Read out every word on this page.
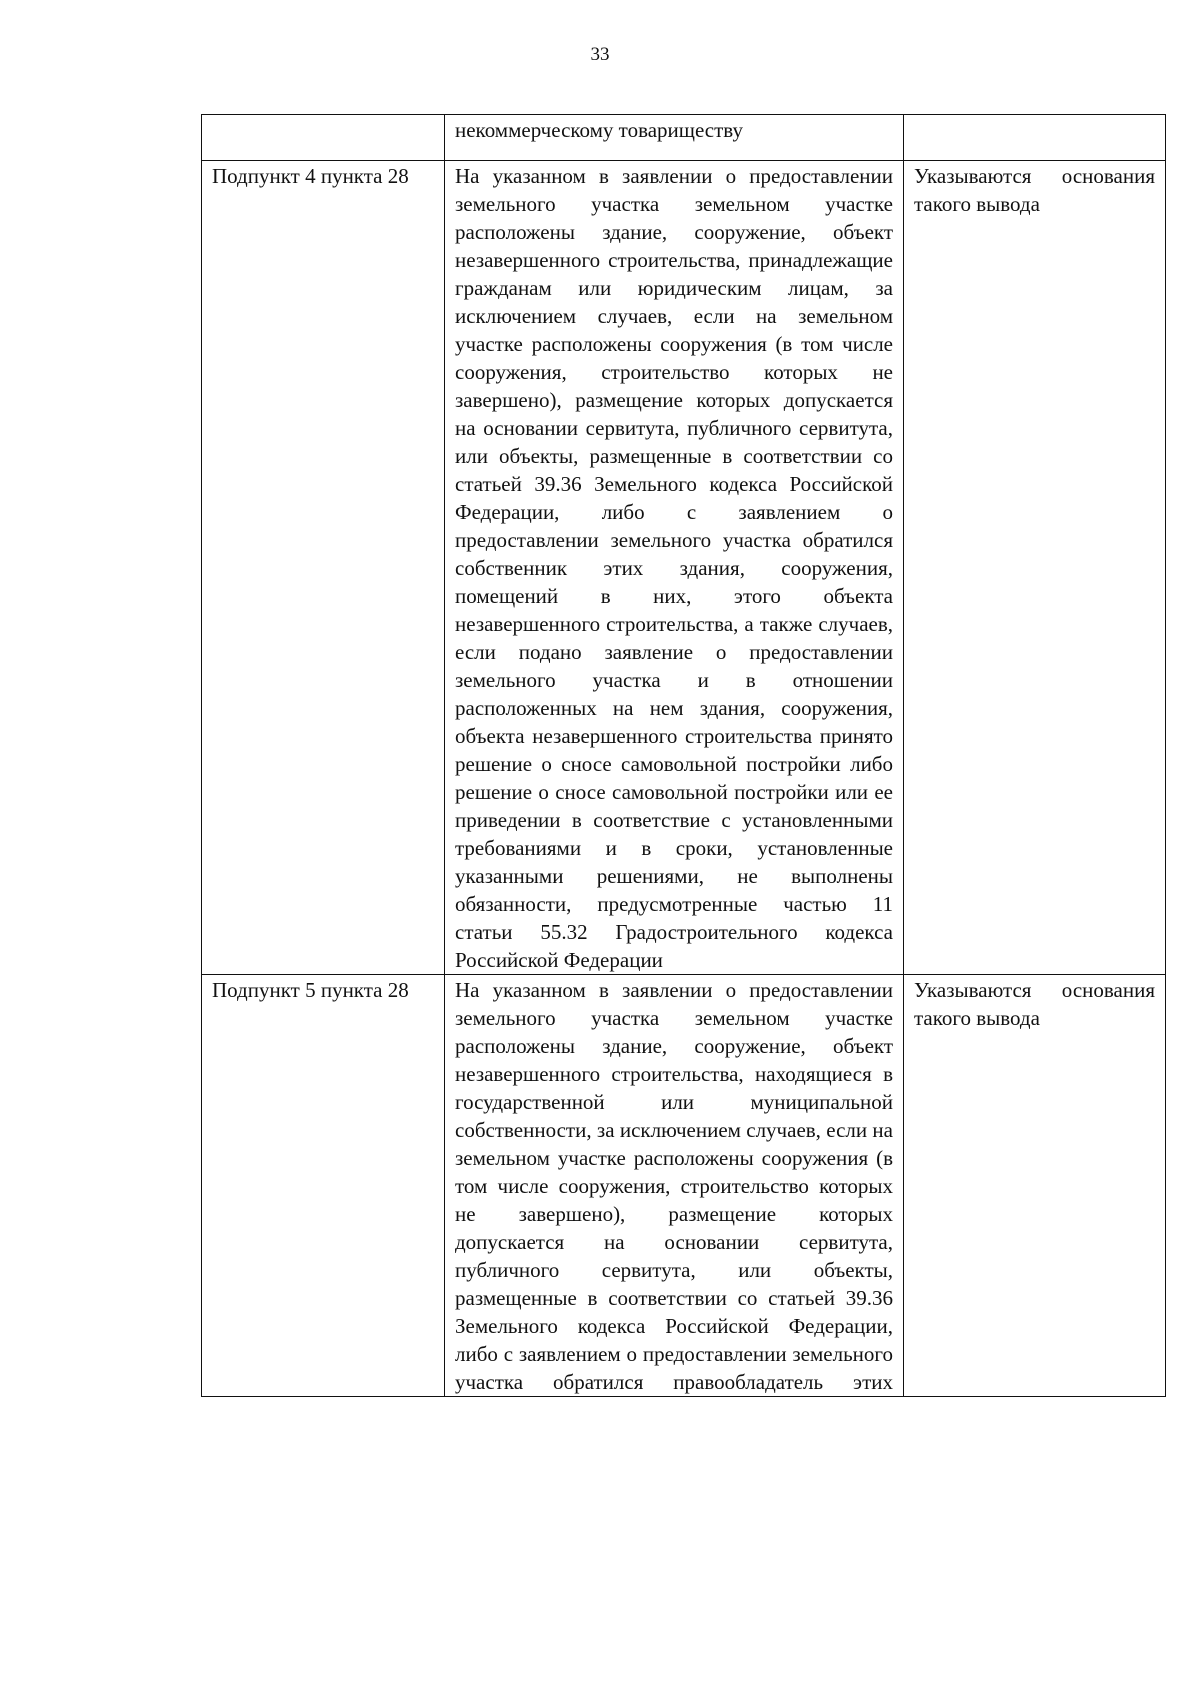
33
	некоммерческому товариществу	
Подпункт 4 пункта 28	На указанном в заявлении о предоставлении земельного участка земельном участке расположены здание, сооружение, объект незавершенного строительства, принадлежащие гражданам или юридическим лицам, за исключением случаев, если на земельном участке расположены сооружения (в том числе сооружения, строительство которых не завершено), размещение которых допускается на основании сервитута, публичного сервитута, или объекты, размещенные в соответствии со статьей 39.36 Земельного кодекса Российской Федерации, либо с заявлением о предоставлении земельного участка обратился собственник этих здания, сооружения, помещений в них, этого объекта незавершенного строительства, а также случаев, если подано заявление о предоставлении земельного участка и в отношении расположенных на нем здания, сооружения, объекта незавершенного строительства принято решение о сносе самовольной постройки либо решение о сносе самовольной постройки или ее приведении в соответствие с установленными требованиями и в сроки, установленные указанными решениями, не выполнены обязанности, предусмотренные частью 11 статьи 55.32 Градостроительного кодекса Российской Федерации	Указываются основания такого вывода
Подпункт 5 пункта 28	На указанном в заявлении о предоставлении земельного участка земельном участке расположены здание, сооружение, объект незавершенного строительства, находящиеся в государственной или муниципальной собственности, за исключением случаев, если на земельном участке расположены сооружения (в том числе сооружения, строительство которых не завершено), размещение которых допускается на основании сервитута, публичного сервитута, или объекты, размещенные в соответствии со статьей 39.36 Земельного кодекса Российской Федерации, либо с заявлением о предоставлении земельного участка обратился правообладатель этих	Указываются основания такого вывода
